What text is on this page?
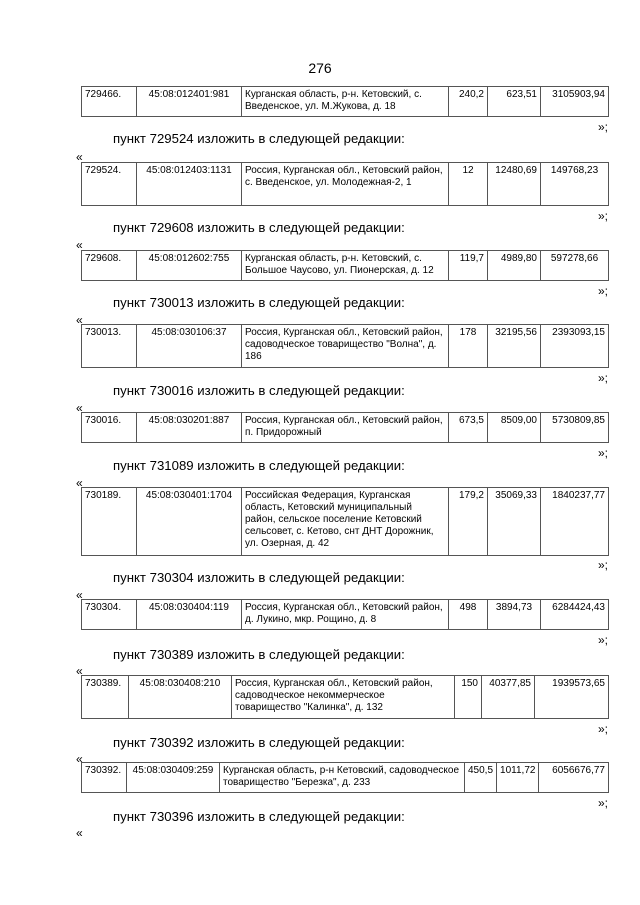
276
729466.	45:08:012401:981	Курганская область, р-н. Кетовский, с. Введенское, ул. М.Жукова, д. 18	240,2	623,51	3105903,94
»;
пункт 729524 изложить в следующей редакции:
«
729524.	45:08:012403:1131	Россия, Курганская обл., Кетовский район, с. Введенское, ул. Молодежная-2, 1	12	12480,69	149768,23
»;
пункт 729608 изложить в следующей редакции:
«
729608.	45:08:012602:755	Курганская область, р-н. Кетовский, с. Большое Чаусово, ул. Пионерская, д. 12	119,7	4989,80	597278,66
»;
пункт 730013 изложить в следующей редакции:
«
730013.	45:08:030106:37	Россия, Курганская обл., Кетовский район, садоводческое товарищество "Волна", д. 186	178	32195,56	2393093,15
»;
пункт 730016 изложить в следующей редакции:
«
730016.	45:08:030201:887	Россия, Курганская обл., Кетовский район, п. Придорожный	673,5	8509,00	5730809,85
»;
пункт 731089 изложить в следующей редакции:
«
730189.	45:08:030401:1704	Российская Федерация, Курганская область, Кетовский муниципальный район, сельское поселение Кетовский сельсовет, с. Кетово, снт ДНТ Дорожник, ул. Озерная, д. 42	179,2	35069,33	1840237,77
»;
пункт 730304 изложить в следующей редакции:
«
730304.	45:08:030404:119	Россия, Курганская обл., Кетовский район, д. Лукино, мкр. Рощино, д. 8	498	3894,73	6284424,43
»;
пункт 730389 изложить в следующей редакции:
«
730389.	45:08:030408:210	Россия, Курганская обл., Кетовский район, садоводческое некоммерческое товарищество "Калинка", д. 132	150	40377,85	1939573,65
»;
пункт 730392 изложить в следующей редакции:
«
730392.	45:08:030409:259	Курганская область, р-н Кетовский, садоводческое товарищество "Березка", д. 233	450,5	1011,72	6056676,77
»;
пункт 730396 изложить в следующей редакции:
«
